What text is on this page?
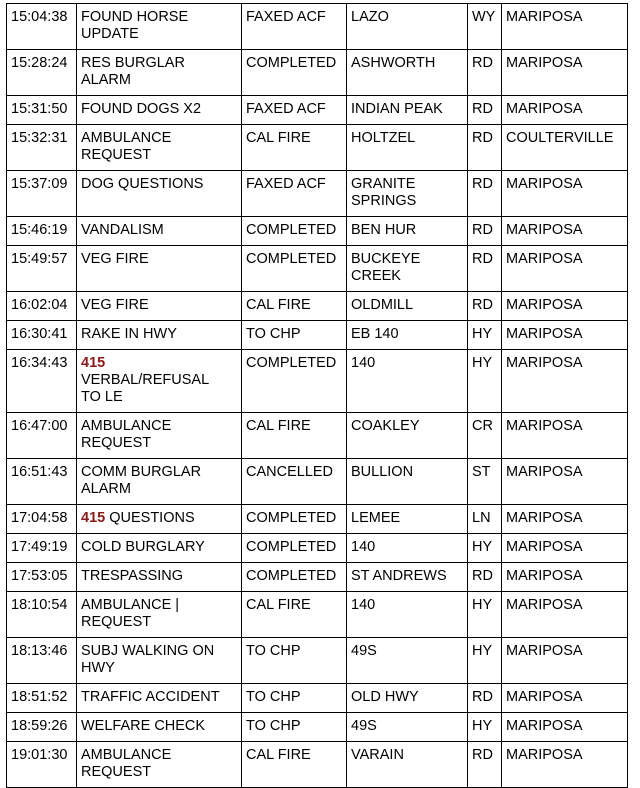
15:04:38	FOUND HORSE
UPDATE	FAXED ACF	LAZO	WY	MARIPOSA
15:28:24	RES BURGLAR
ALARM	COMPLETED	ASHWORTH	RD	MARIPOSA
15:31:50	FOUND DOGS X2	FAXED ACF	INDIAN PEAK	RD	MARIPOSA
15:32:31	AMBULANCE
REQUEST	CAL FIRE	HOLTZEL	RD	COULTERVILLE
15:37:09	DOG QUESTIONS	FAXED ACF	GRANITE
SPRINGS	RD	MARIPOSA
15:46:19	VANDALISM	COMPLETED	BEN HUR	RD	MARIPOSA
15:49:57	VEG FIRE	COMPLETED	BUCKEYE
CREEK	RD	MARIPOSA
16:02:04	VEG FIRE	CAL FIRE	OLDMILL	RD	MARIPOSA
16:30:41	RAKE IN HWY	TO CHP	EB 140	HY	MARIPOSA
16:34:43	415
VERBAL/REFUSAL
TO LE	COMPLETED	140	HY	MARIPOSA
16:47:00	AMBULANCE
REQUEST	CAL FIRE	COAKLEY	CR	MARIPOSA
16:51:43	COMM BURGLAR
ALARM	CANCELLED	BULLION	ST	MARIPOSA
17:04:58	415 QUESTIONS	COMPLETED	LEMEE	LN	MARIPOSA
17:49:19	COLD BURGLARY	COMPLETED	140	HY	MARIPOSA
17:53:05	TRESPASSING	COMPLETED	ST ANDREWS	RD	MARIPOSA
18:10:54	AMBULANCE |
REQUEST	CAL FIRE	140	HY	MARIPOSA
18:13:46	SUBJ WALKING ON
HWY	TO CHP	49S	HY	MARIPOSA
18:51:52	TRAFFIC ACCIDENT	TO CHP	OLD HWY	RD	MARIPOSA
18:59:26	WELFARE CHECK	TO CHP	49S	HY	MARIPOSA
19:01:30	AMBULANCE
REQUEST	CAL FIRE	VARAIN	RD	MARIPOSA
